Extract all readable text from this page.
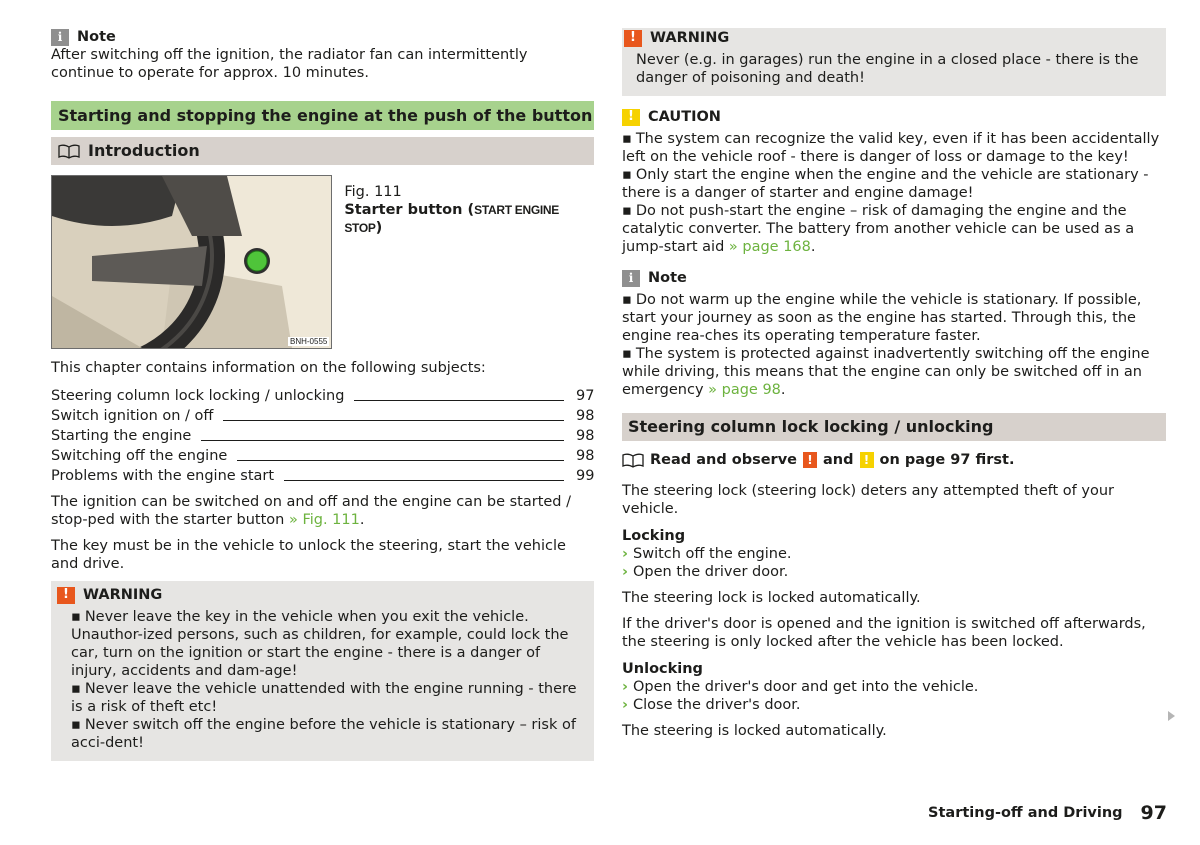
i	Note

After switching off the ignition, the radiator fan can intermittently continue to operate for approx. 10 minutes.

Starting and stopping the engine at the push of the button
Introduction
BNH-0555

Fig. 111

Starter button (START ENGINE STOP)

This chapter contains information on the following subjects:

Steering column lock locking / unlocking	97
Switch ignition on / off	98
Starting the engine	98
Switching off the engine	98
Problems with the engine start	99

The ignition can be switched on and off and the engine can be started / stop-ped with the starter button » Fig. 111.

The key must be in the vehicle to unlock the steering, start the vehicle and drive.

! WARNING

▪ Never leave the key in the vehicle when you exit the vehicle. Unauthor-ized persons, such as children, for example, could lock the car, turn on the ignition or start the engine - there is a danger of injury, accidents and dam-age!

▪ Never leave the vehicle unattended with the engine running - there is a risk of theft etc!

▪ Never switch off the engine before the vehicle is stationary – risk of acci-dent!

! WARNING

Never (e.g. in garages) run the engine in a closed place - there is the danger of poisoning and death!

! CAUTION

▪ The system can recognize the valid key, even if it has been accidentally left on the vehicle roof - there is danger of loss or damage to the key!

▪ Only start the engine when the engine and the vehicle are stationary - there is a danger of starter and engine damage!

▪ Do not push-start the engine – risk of damaging the engine and the catalytic converter. The battery from another vehicle can be used as a jump-start aid » page 168.

i	Note

▪ Do not warm up the engine while the vehicle is stationary. If possible, start your journey as soon as the engine has started. Through this, the engine rea-ches its operating temperature faster.

▪ The system is protected against inadvertently switching off the engine while driving, this means that the engine can only be switched off in an emergency » page 98.

Steering column lock locking / unlocking
Read and observe ! and ! on page 97 first.

The steering lock (steering lock) deters any attempted theft of your vehicle.

Locking

› Switch off the engine.
› Open the driver door.

The steering lock is locked automatically.

If the driver's door is opened and the ignition is switched off afterwards, the steering is only locked after the vehicle has been locked.

Unlocking

› Open the driver's door and get into the vehicle.
› Close the driver's door.

The steering is locked automatically.

Starting-off and Driving 97
